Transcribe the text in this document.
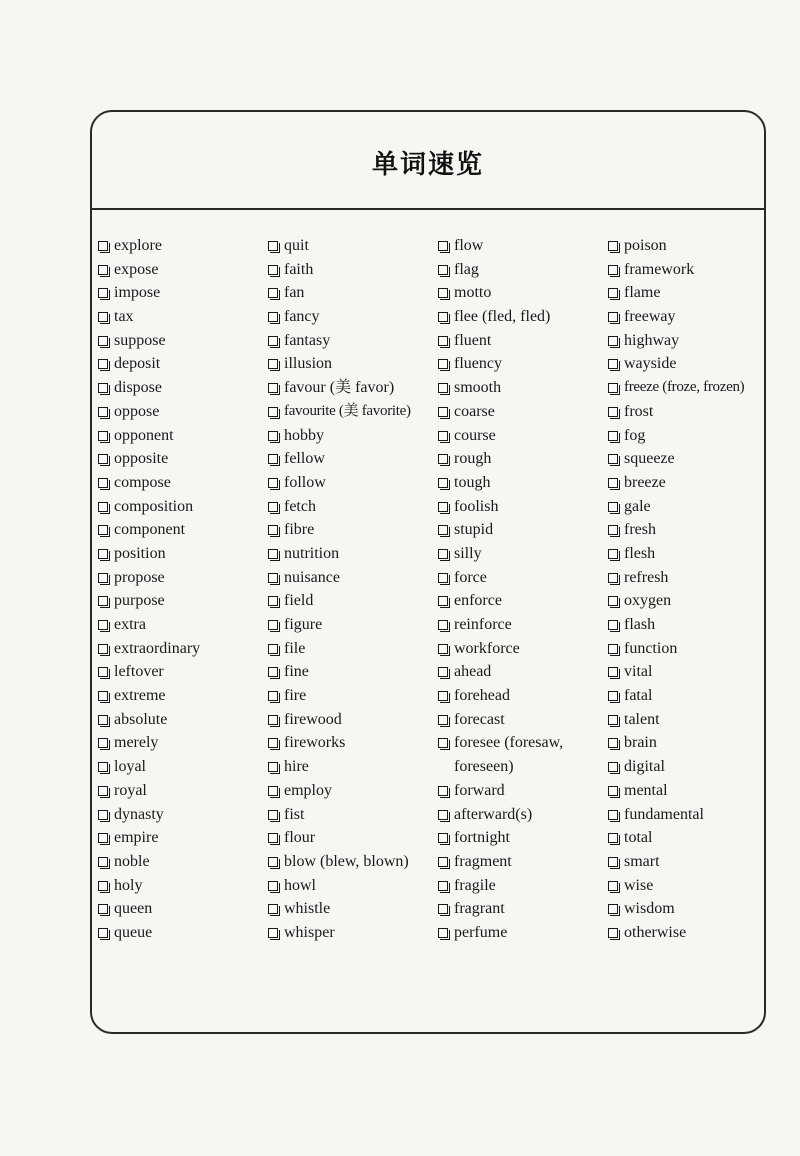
单词速览
explore
expose
impose
tax
suppose
deposit
dispose
oppose
opponent
opposite
compose
composition
component
position
propose
purpose
extra
extraordinary
leftover
extreme
absolute
merely
loyal
royal
dynasty
empire
noble
holy
queen
queue
quit
faith
fan
fancy
fantasy
illusion
favour (美 favor)
favourite (美 favorite)
hobby
fellow
follow
fetch
fibre
nutrition
nuisance
field
figure
file
fine
fire
firewood
fireworks
hire
employ
fist
flour
blow (blew, blown)
howl
whistle
whisper
flow
flag
motto
flee (fled, fled)
fluent
fluency
smooth
coarse
course
rough
tough
foolish
stupid
silly
force
enforce
reinforce
workforce
ahead
forehead
forecast
foresee (foresaw,
foreseen)
forward
afterward(s)
fortnight
fragment
fragile
fragrant
perfume
poison
framework
flame
freeway
highway
wayside
freeze (froze, frozen)
frost
fog
squeeze
breeze
gale
fresh
flesh
refresh
oxygen
flash
function
vital
fatal
talent
brain
digital
mental
fundamental
total
smart
wise
wisdom
otherwise
